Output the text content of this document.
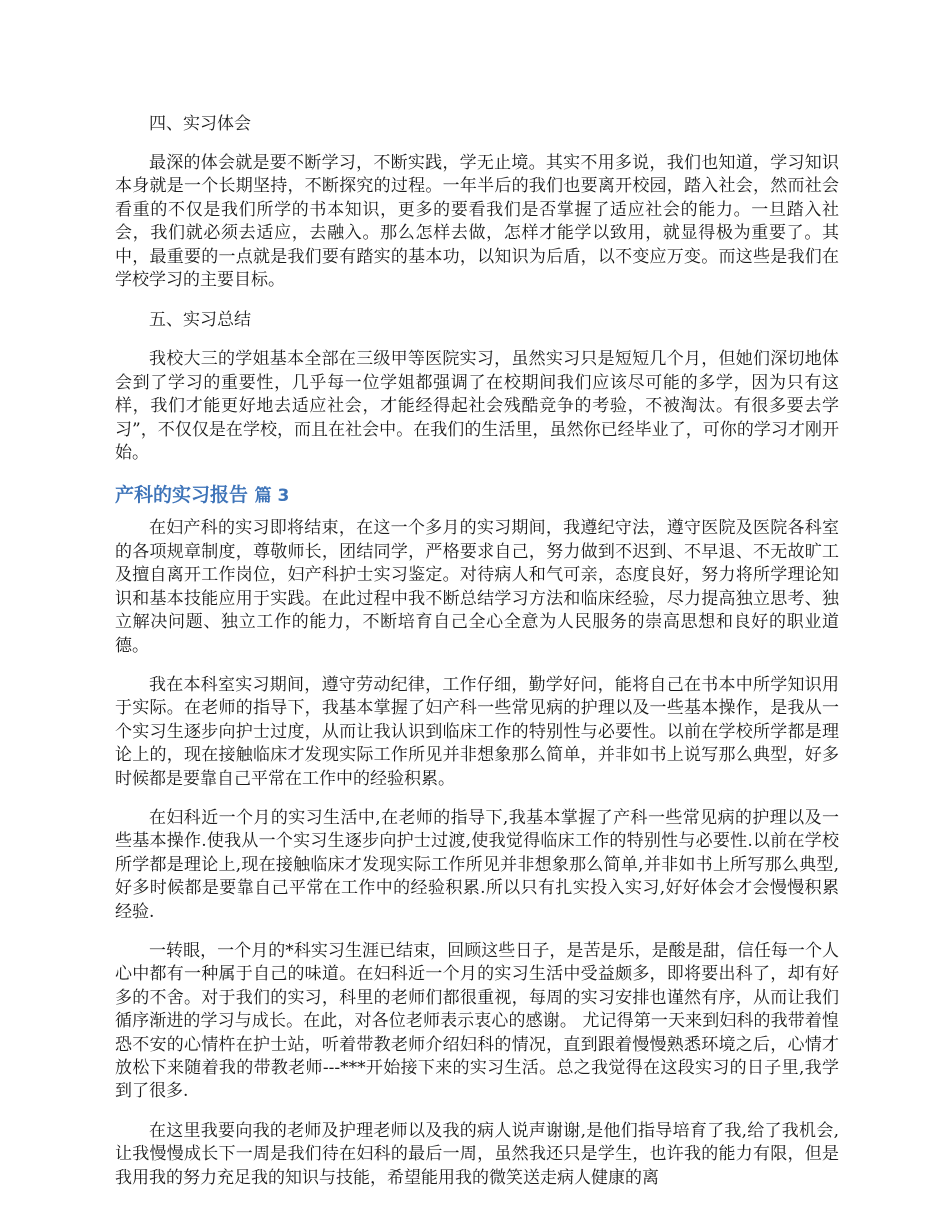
四、实习体会

最深的体会就是要不断学习，不断实践，学无止境。其实不用多说，我们也知道，学习知识本身就是一个长期坚持，不断探究的过程。一年半后的我们也要离开校园，踏入社会，然而社会看重的不仅是我们所学的书本知识，更多的要看我们是否掌握了适应社会的能力。一旦踏入社会，我们就必须去适应，去融入。那么怎样去做，怎样才能学以致用，就显得极为重要了。其中，最重要的一点就是我们要有踏实的基本功，以知识为后盾，以不变应万变。而这些是我们在学校学习的主要目标。

五、实习总结

我校大三的学姐基本全部在三级甲等医院实习，虽然实习只是短短几个月，但她们深切地体会到了学习的重要性，几乎每一位学姐都强调了在校期间我们应该尽可能的多学，因为只有这样，我们才能更好地去适应社会，才能经得起社会残酷竞争的考验，不被淘汰。有很多要去学习”，不仅仅是在学校，而且在社会中。在我们的生活里，虽然你已经毕业了，可你的学习才刚开始。

产科的实习报告 篇 3

在妇产科的实习即将结束，在这一个多月的实习期间，我遵纪守法，遵守医院及医院各科室的各项规章制度，尊敬师长，团结同学，严格要求自己，努力做到不迟到、不早退、不无故旷工及擅自离开工作岗位，妇产科护士实习鉴定。对待病人和气可亲，态度良好，努力将所学理论知识和基本技能应用于实践。在此过程中我不断总结学习方法和临床经验，尽力提高独立思考、独立解决问题、独立工作的能力，不断培育自己全心全意为人民服务的崇高思想和良好的职业道德。

我在本科室实习期间，遵守劳动纪律，工作仔细，勤学好问，能将自己在书本中所学知识用于实际。在老师的指导下，我基本掌握了妇产科一些常见病的护理以及一些基本操作，是我从一个实习生逐步向护士过度，从而让我认识到临床工作的特别性与必要性。以前在学校所学都是理论上的，现在接触临床才发现实际工作所见并非想象那么简单，并非如书上说写那么典型，好多时候都是要靠自己平常在工作中的经验积累。

在妇科近一个月的实习生活中,在老师的指导下,我基本掌握了产科一些常见病的护理以及一些基本操作.使我从一个实习生逐步向护士过渡,使我觉得临床工作的特别性与必要性.以前在学校所学都是理论上,现在接触临床才发现实际工作所见并非想象那么简单,并非如书上所写那么典型,好多时候都是要靠自己平常在工作中的经验积累.所以只有扎实投入实习,好好体会才会慢慢积累经验.

一转眼，一个月的*科实习生涯已结束，回顾这些日子，是苦是乐，是酸是甜，信任每一个人心中都有一种属于自己的味道。在妇科近一个月的实习生活中受益颇多，即将要出科了，却有好多的不舍。对于我们的实习，科里的老师们都很重视，每周的实习安排也谨然有序，从而让我们循序渐进的学习与成长。在此，对各位老师表示衷心的感谢。 尤记得第一天来到妇科的我带着惶恐不安的心情杵在护士站，听着带教老师介绍妇科的情况，直到跟着慢慢熟悉环境之后，心情才放松下来随着我的带教老师---***开始接下来的实习生活。总之我觉得在这段实习的日子里,我学到了很多.

在这里我要向我的老师及护理老师以及我的病人说声谢谢,是他们指导培育了我,给了我机会,让我慢慢成长下一周是我们待在妇科的最后一周，虽然我还只是学生，也许我的能力有限，但是我用我的努力充足我的知识与技能，希望能用我的微笑送走病人健康的离
